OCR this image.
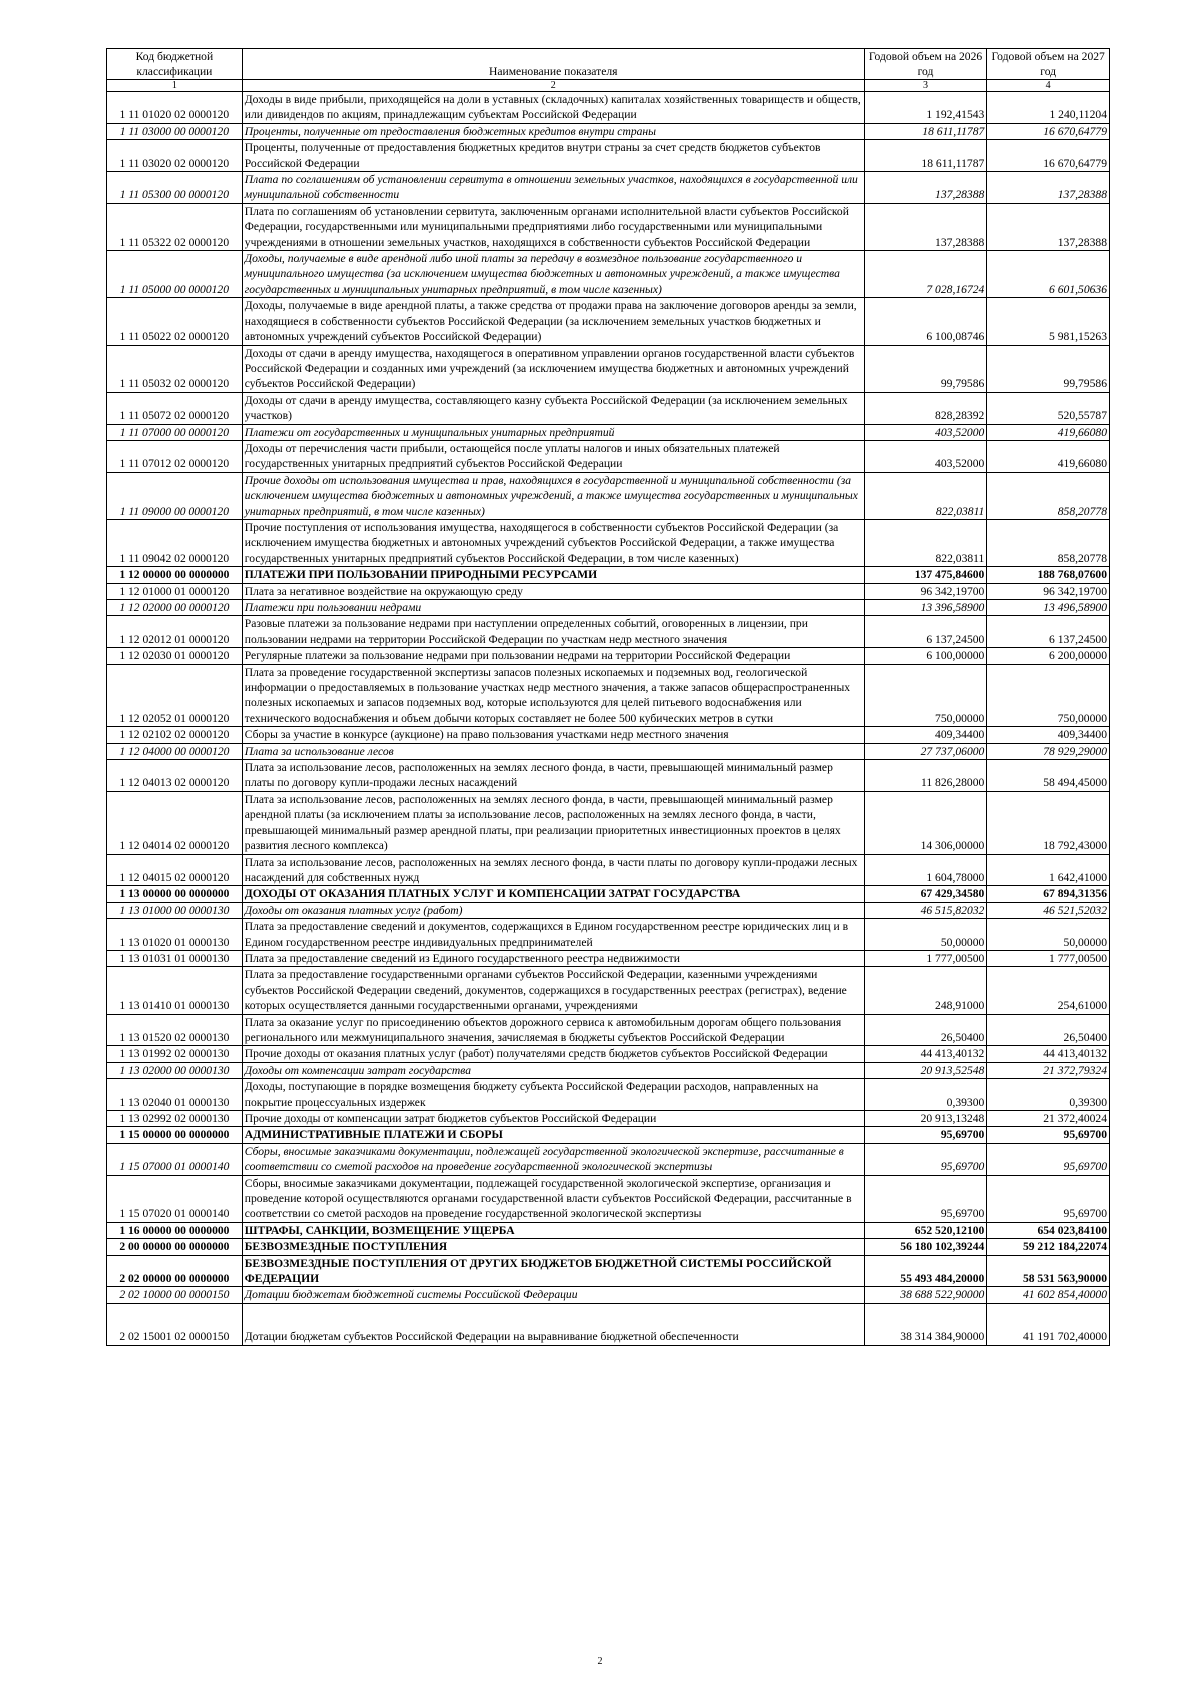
Код бюджетной классификации	Наименование показателя	Годовой объем на 2026 год	Годовой объем на 2027 год
1	2	3	4
1 11 01020 02 0000120	Доходы в виде прибыли, приходящейся на доли в уставных (складочных) капиталах хозяйственных товариществ и обществ, или дивидендов по акциям, принадлежащим субъектам Российской Федерации	1 192,41543	1 240,11204
1 11 03000 00 0000120	Проценты, полученные от предоставления бюджетных кредитов внутри страны	18 611,11787	16 670,64779
1 11 03020 02 0000120	Проценты, полученные от предоставления бюджетных кредитов внутри страны за счет средств бюджетов субъектов Российской Федерации	18 611,11787	16 670,64779
1 11 05300 00 0000120	Плата по соглашениям об установлении сервитута в отношении земельных участков, находящихся в государственной или муниципальной собственности	137,28388	137,28388
1 11 05322 02 0000120	Плата по соглашениям об установлении сервитута, заключенным органами исполнительной власти субъектов Российской Федерации, государственными или муниципальными предприятиями либо государственными или муниципальными учреждениями в отношении земельных участков, находящихся в собственности субъектов Российской Федерации	137,28388	137,28388
1 11 05000 00 0000120	Доходы, получаемые в виде арендной либо иной платы за передачу в возмездное пользование государственного и муниципального имущества (за исключением имущества бюджетных и автономных учреждений, а также имущества государственных и муниципальных унитарных предприятий, в том числе казенных)	7 028,16724	6 601,50636
1 11 05022 02 0000120	Доходы, получаемые в виде арендной платы, а также средства от продажи права на заключение договоров аренды за земли, находящиеся в собственности субъектов Российской Федерации (за исключением земельных участков бюджетных и автономных учреждений субъектов Российской Федерации)	6 100,08746	5 981,15263
1 11 05032 02 0000120	Доходы от сдачи в аренду имущества, находящегося в оперативном управлении органов государственной власти субъектов Российской Федерации и созданных ими учреждений (за исключением имущества бюджетных и автономных учреждений субъектов Российской Федерации)	99,79586	99,79586
1 11 05072 02 0000120	Доходы от сдачи в аренду имущества, составляющего казну субъекта Российской Федерации (за исключением земельных участков)	828,28392	520,55787
1 11 07000 00 0000120	Платежи от государственных и муниципальных унитарных предприятий	403,52000	419,66080
1 11 07012 02 0000120	Доходы от перечисления части прибыли, остающейся после уплаты налогов и иных обязательных платежей государственных унитарных предприятий субъектов Российской Федерации	403,52000	419,66080
1 11 09000 00 0000120	Прочие доходы от использования имущества и прав, находящихся в государственной и муниципальной собственности (за исключением имущества бюджетных и автономных учреждений, а также имущества государственных и муниципальных унитарных предприятий, в том числе казенных)	822,03811	858,20778
1 11 09042 02 0000120	Прочие поступления от использования имущества, находящегося в собственности субъектов Российской Федерации (за исключением имущества бюджетных и автономных учреждений субъектов Российской Федерации, а также имущества государственных унитарных предприятий субъектов Российской Федерации, в том числе казенных)	822,03811	858,20778
1 12 00000 00 0000000	ПЛАТЕЖИ ПРИ ПОЛЬЗОВАНИИ ПРИРОДНЫМИ РЕСУРСАМИ	137 475,84600	188 768,07600
1 12 01000 01 0000120	Плата за негативное воздействие на окружающую среду	96 342,19700	96 342,19700
1 12 02000 00 0000120	Платежи при пользовании недрами	13 396,58900	13 496,58900
1 12 02012 01 0000120	Разовые платежи за пользование недрами при наступлении определенных событий, оговоренных в лицензии, при пользовании недрами на территории Российской Федерации по участкам недр местного значения	6 137,24500	6 137,24500
1 12 02030 01 0000120	Регулярные платежи за пользование недрами при пользовании недрами на территории Российской Федерации	6 100,00000	6 200,00000
1 12 02052 01 0000120	Плата за проведение государственной экспертизы запасов полезных ископаемых и подземных вод, геологической информации о предоставляемых в пользование участках недр местного значения, а также запасов общераспространенных полезных ископаемых и запасов подземных вод, которые используются для целей питьевого водоснабжения или технического водоснабжения и объем добычи которых составляет не более 500 кубических метров в сутки	750,00000	750,00000
1 12 02102 02 0000120	Сборы за участие в конкурсе (аукционе) на право пользования участками недр местного значения	409,34400	409,34400
1 12 04000 00 0000120	Плата за использование лесов	27 737,06000	78 929,29000
1 12 04013 02 0000120	Плата за использование лесов, расположенных на землях лесного фонда, в части, превышающей минимальный размер платы по договору купли-продажи лесных насаждений	11 826,28000	58 494,45000
1 12 04014 02 0000120	Плата за использование лесов, расположенных на землях лесного фонда, в части, превышающей минимальный размер арендной платы (за исключением платы за использование лесов, расположенных на землях лесного фонда, в части, превышающей минимальный размер арендной платы, при реализации приоритетных инвестиционных проектов в целях развития лесного комплекса)	14 306,00000	18 792,43000
1 12 04015 02 0000120	Плата за использование лесов, расположенных на землях лесного фонда, в части платы по договору купли-продажи лесных насаждений для собственных нужд	1 604,78000	1 642,41000
1 13 00000 00 0000000	ДОХОДЫ ОТ ОКАЗАНИЯ ПЛАТНЫХ УСЛУГ И КОМПЕНСАЦИИ ЗАТРАТ ГОСУДАРСТВА	67 429,34580	67 894,31356
1 13 01000 00 0000130	Доходы от оказания платных услуг (работ)	46 515,82032	46 521,52032
1 13 01020 01 0000130	Плата за предоставление сведений и документов, содержащихся в Едином государственном реестре юридических лиц и в Едином государственном реестре индивидуальных предпринимателей	50,00000	50,00000
1 13 01031 01 0000130	Плата за предоставление сведений из Единого государственного реестра недвижимости	1 777,00500	1 777,00500
1 13 01410 01 0000130	Плата за предоставление государственными органами субъектов Российской Федерации, казенными учреждениями субъектов Российской Федерации сведений, документов, содержащихся в государственных реестрах (регистрах), ведение которых осуществляется данными государственными органами, учреждениями	248,91000	254,61000
1 13 01520 02 0000130	Плата за оказание услуг по присоединению объектов дорожного сервиса к автомобильным дорогам общего пользования регионального или межмуниципального значения, зачисляемая в бюджеты субъектов Российской Федерации	26,50400	26,50400
1 13 01992 02 0000130	Прочие доходы от оказания платных услуг (работ) получателями средств бюджетов субъектов Российской Федерации	44 413,40132	44 413,40132
1 13 02000 00 0000130	Доходы от компенсации затрат государства	20 913,52548	21 372,79324
1 13 02040 01 0000130	Доходы, поступающие в порядке возмещения бюджету субъекта Российской Федерации расходов, направленных на покрытие процессуальных издержек	0,39300	0,39300
1 13 02992 02 0000130	Прочие доходы от компенсации затрат бюджетов субъектов Российской Федерации	20 913,13248	21 372,40024
1 15 00000 00 0000000	АДМИНИСТРАТИВНЫЕ ПЛАТЕЖИ И СБОРЫ	95,69700	95,69700
1 15 07000 01 0000140	Сборы, вносимые заказчиками документации, подлежащей государственной экологической экспертизе, рассчитанные в соответствии со сметой расходов на проведение государственной экологической экспертизы	95,69700	95,69700
1 15 07020 01 0000140	Сборы, вносимые заказчиками документации, подлежащей государственной экологической экспертизе, организация и проведение которой осуществляются органами государственной власти субъектов Российской Федерации, рассчитанные в соответствии со сметой расходов на проведение государственной экологической экспертизы	95,69700	95,69700
1 16 00000 00 0000000	ШТРАФЫ, САНКЦИИ, ВОЗМЕЩЕНИЕ УЩЕРБА	652 520,12100	654 023,84100
2 00 00000 00 0000000	БЕЗВОЗМЕЗДНЫЕ ПОСТУПЛЕНИЯ	56 180 102,39244	59 212 184,22074
2 02 00000 00 0000000	БЕЗВОЗМЕЗДНЫЕ ПОСТУПЛЕНИЯ ОТ ДРУГИХ БЮДЖЕТОВ БЮДЖЕТНОЙ СИСТЕМЫ РОССИЙСКОЙ ФЕДЕРАЦИИ	55 493 484,20000	58 531 563,90000
2 02 10000 00 0000150	Дотации бюджетам бюджетной системы Российской Федерации	38 688 522,90000	41 602 854,40000
2 02 15001 02 0000150	Дотации бюджетам субъектов Российской Федерации на выравнивание бюджетной обеспеченности	38 314 384,90000	41 191 702,40000
2
